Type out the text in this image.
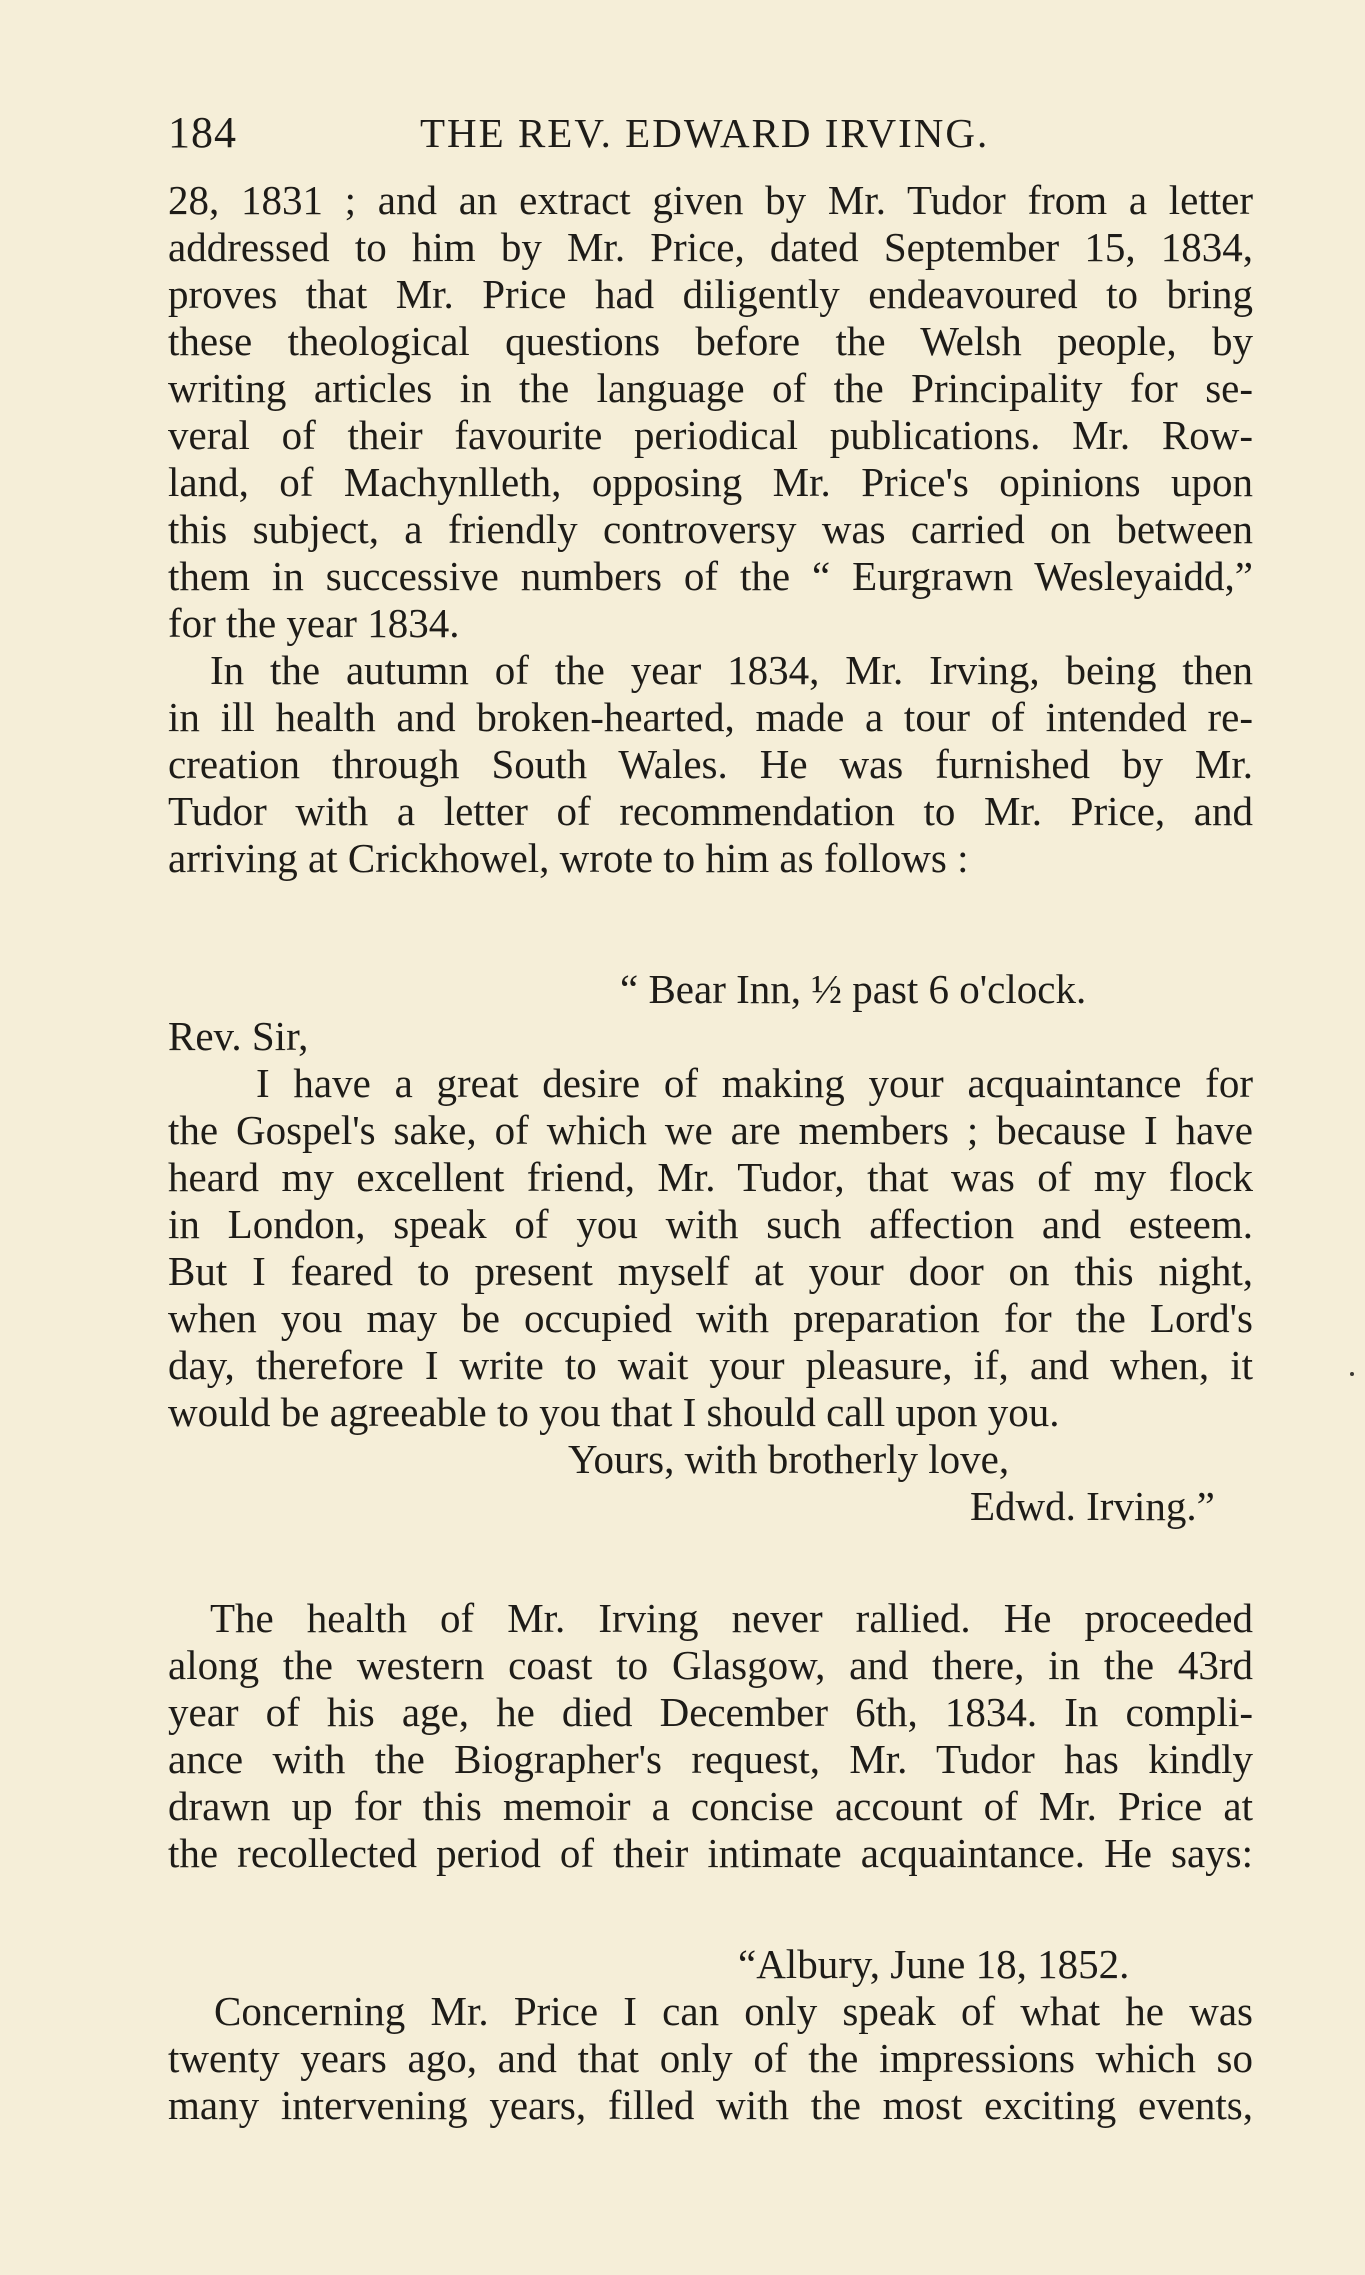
184	THE REV. EDWARD IRVING.
28, 1831 ; and an extract given by Mr. Tudor from a letter
addressed to him by Mr. Price, dated September 15, 1834,
proves that Mr. Price had diligently endeavoured to bring
these theological questions before the Welsh people, by
writing articles in the language of the Principality for se-
veral of their favourite periodical publications. Mr. Row-
land, of Machynlleth, opposing Mr. Price's opinions upon
this subject, a friendly controversy was carried on between
them in successive numbers of the “ Eurgrawn Wesleyaidd,”
for the year 1834.
In the autumn of the year 1834, Mr. Irving, being then
in ill health and broken-hearted, made a tour of intended re-
creation through South Wales. He was furnished by Mr.
Tudor with a letter of recommendation to Mr. Price, and
arriving at Crickhowel, wrote to him as follows :
“ Bear Inn, ½ past 6 o'clock.
Rev. Sir,
I have a great desire of making your acquaintance for
the Gospel's sake, of which we are members ; because I have
heard my excellent friend, Mr. Tudor, that was of my flock
in London, speak of you with such affection and esteem.
But I feared to present myself at your door on this night,
when you may be occupied with preparation for the Lord's
day, therefore I write to wait your pleasure, if, and when, it
would be agreeable to you that I should call upon you.
Yours, with brotherly love,
Edwd. Irving.”
The health of Mr. Irving never rallied. He proceeded
along the western coast to Glasgow, and there, in the 43rd
year of his age, he died December 6th, 1834. In compli-
ance with the Biographer's request, Mr. Tudor has kindly
drawn up for this memoir a concise account of Mr. Price at
the recollected period of their intimate acquaintance. He says:
“Albury, June 18, 1852.
Concerning Mr. Price I can only speak of what he was
twenty years ago, and that only of the impressions which so
many intervening years, filled with the most exciting events,
